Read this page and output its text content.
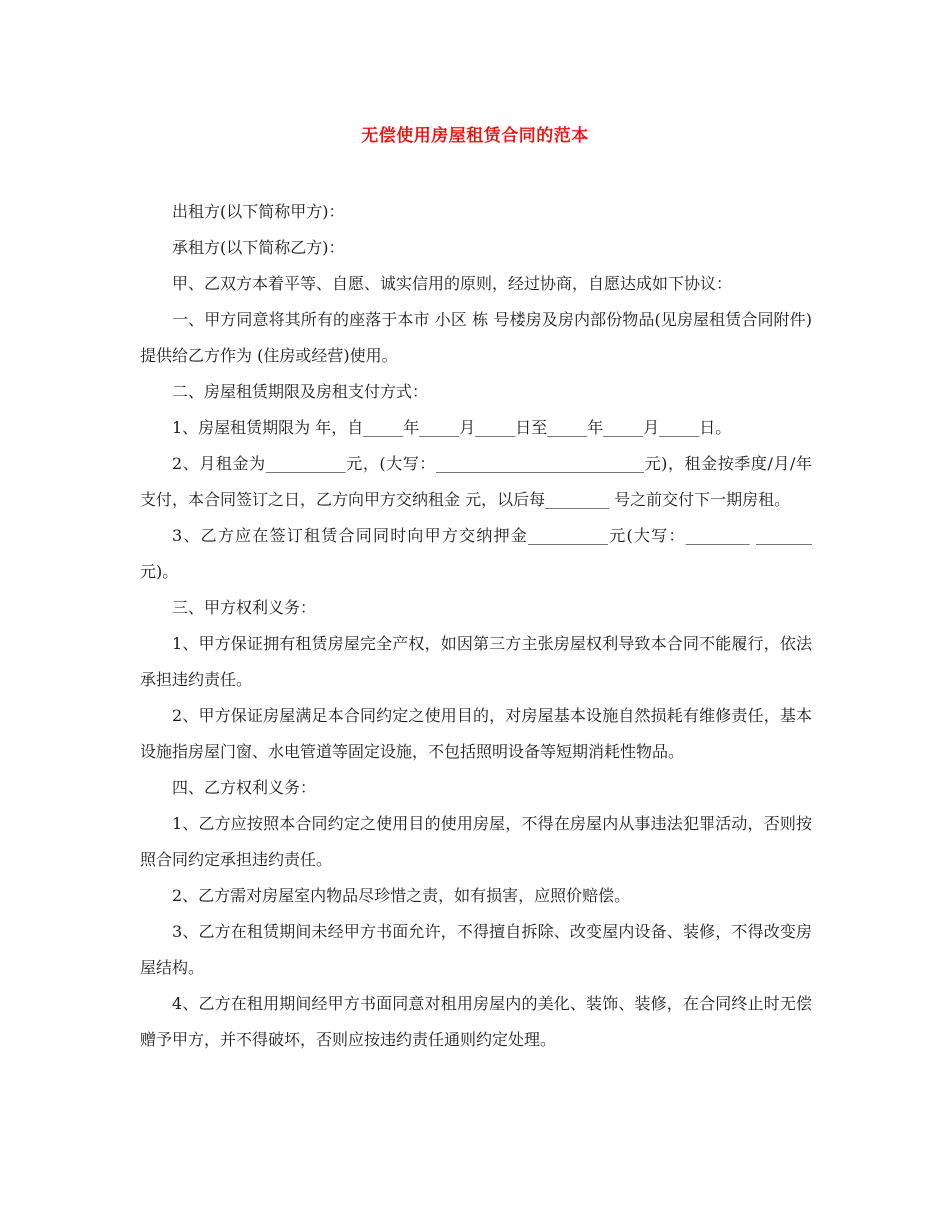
无偿使用房屋租赁合同的范本

出租方(以下简称甲方)：

承租方(以下简称乙方)：

甲、乙双方本着平等、自愿、诚实信用的原则，经过协商，自愿达成如下协议：

一、甲方同意将其所有的座落于本市 小区 栋 号楼房及房内部份物品(见房屋租赁合同附件)提供给乙方作为 (住房或经营)使用。

二、房屋租赁期限及房租支付方式：

1、房屋租赁期限为 年，自_____年_____月_____日至_____年_____月_____日。

2、月租金为__________元，(大写：__________________________元)，租金按季度/月/年支付，本合同签订之日，乙方向甲方交纳租金 元，以后每________ 号之前交付下一期房租。

3、乙方应在签订租赁合同同时向甲方交纳押金__________元(大写：________ _______元)。

三、甲方权利义务：

1、甲方保证拥有租赁房屋完全产权，如因第三方主张房屋权利导致本合同不能履行，依法承担违约责任。

2、甲方保证房屋满足本合同约定之使用目的，对房屋基本设施自然损耗有维修责任，基本设施指房屋门窗、水电管道等固定设施，不包括照明设备等短期消耗性物品。

四、乙方权利义务：

1、乙方应按照本合同约定之使用目的使用房屋，不得在房屋内从事违法犯罪活动，否则按照合同约定承担违约责任。

2、乙方需对房屋室内物品尽珍惜之责，如有损害，应照价赔偿。

3、乙方在租赁期间未经甲方书面允许，不得擅自拆除、改变屋内设备、装修，不得改变房屋结构。

4、乙方在租用期间经甲方书面同意对租用房屋内的美化、装饰、装修，在合同终止时无偿赠予甲方，并不得破坏，否则应按违约责任通则约定处理。
